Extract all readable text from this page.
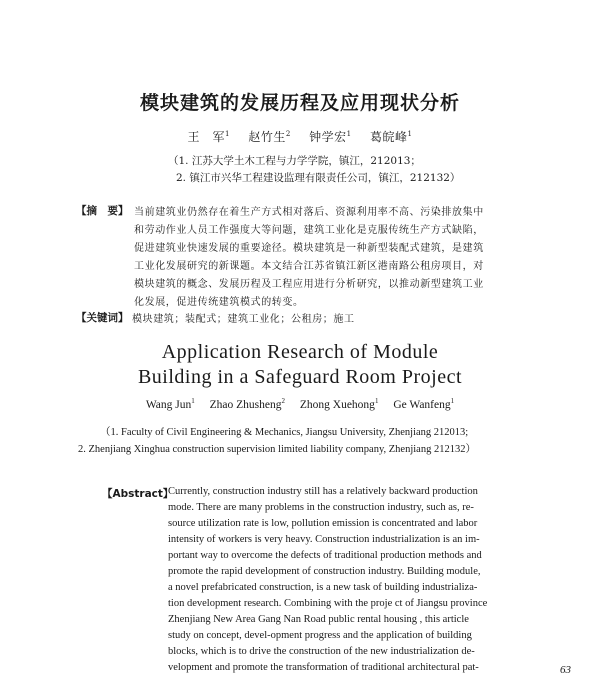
模块建筑的发展历程及应用现状分析
王　军$^1$ 赵竹生$^2$ 钟学宏$^1$ 葛皖峰$^1$
（1. 江苏大学土木工程与力学学院，镇江，212013；
2. 镇江市兴华工程建设监理有限责任公司，镇江，212132）
【摘　要】 当前建筑业仍然存在着生产方式相对落后、资源利用率不高、污染排放集中
和劳动作业人员工作强度大等问题，建筑工业化是克服传统生产方式缺陷，
促进建筑业快速发展的重要途径。模块建筑是一种新型装配式建筑，是建筑
工业化发展研究的新课题。本文结合江苏省镇江新区港南路公租房项目，对
模块建筑的概念、发展历程及工程应用进行分析研究，以推动新型建筑工业
化发展，促进传统建筑模式的转变。
【关键词】 模块建筑；装配式；建筑工业化；公租房；施工
Application Research of Module
Building in a Safeguard Room Project
Wang Jun$^1$ Zhao Zhusheng$^2$ Zhong Xuehong$^1$ Ge Wanfeng$^1$
（1. Faculty of Civil Engineering & Mechanics, Jiangsu University, Zhenjiang 212013;
2. Zhenjiang Xinghua construction supervision limited liability company, Zhenjiang 212132）
【Abstract】
Currently, construction industry still has a relatively backward production
mode. There are many problems in the construction industry, such as, re-
source utilization rate is low, pollution emission is concentrated and labor
intensity of workers is very heavy. Construction industrialization is an im-
portant way to overcome the defects of traditional production methods and
promote the rapid development of construction industry. Building module,
a novel prefabricated construction, is a new task of building industrializa-
tion development research. Combining with the proje ct of Jiangsu province
Zhenjiang New Area Gang Nan Road public rental housing , this article
study on concept, devel-opment progress and the application of building
blocks, which is to drive the construction of the new industrialization de-
velopment and promote the transformation of traditional architectural pat-	63
